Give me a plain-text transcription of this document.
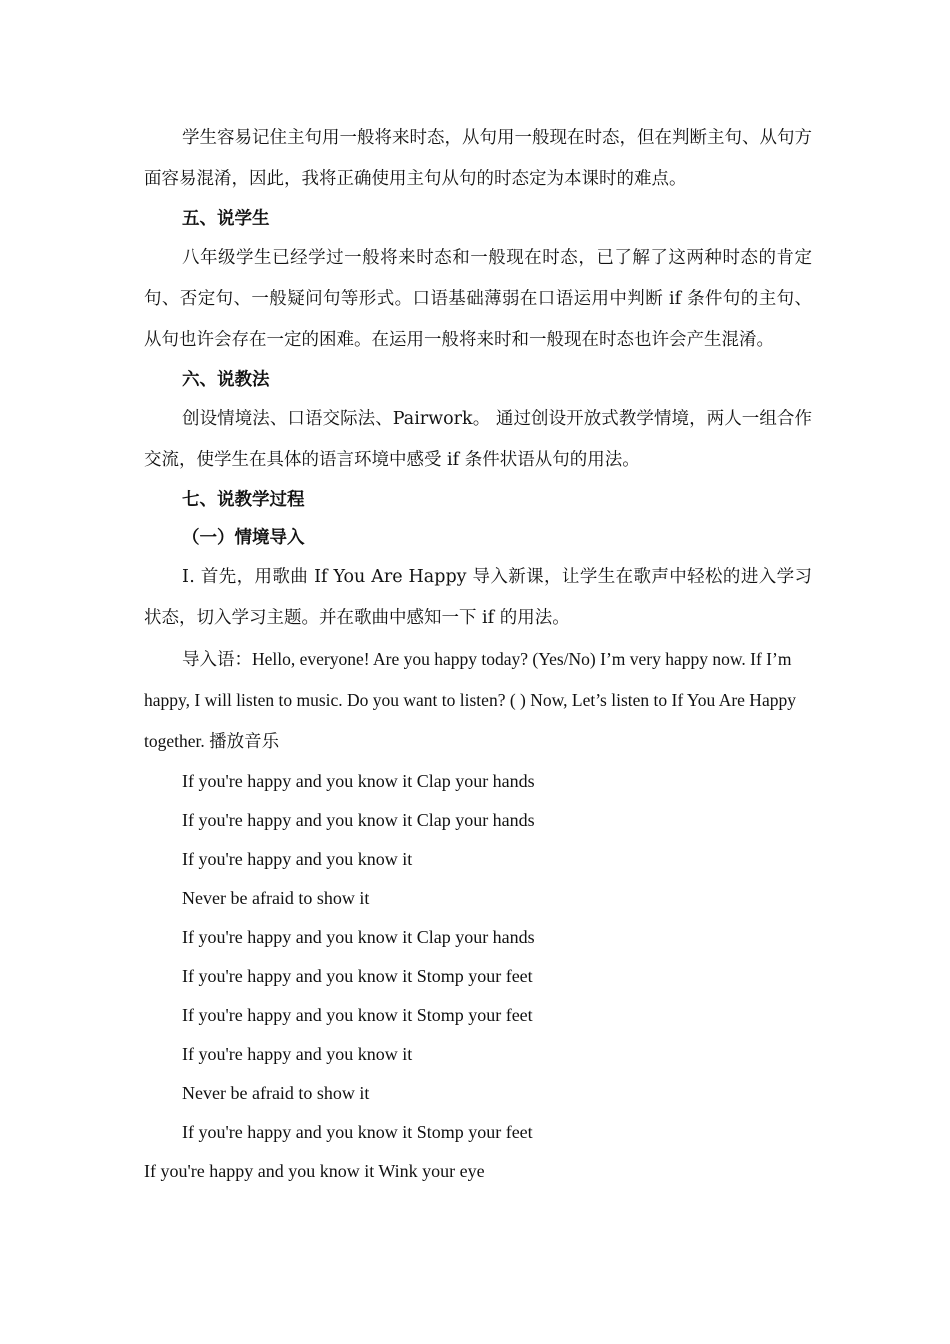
学生容易记住主句用一般将来时态，从句用一般现在时态，但在判断主句、从句方面容易混淆，因此，我将正确使用主句从句的时态定为本课时的难点。

五、说学生

八年级学生已经学过一般将来时态和一般现在时态，已了解了这两种时态的肯定句、否定句、一般疑问句等形式。口语基础薄弱在口语运用中判断 if 条件句的主句、从句也许会存在一定的困难。在运用一般将来时和一般现在时态也许会产生混淆。

六、说教法

创设情境法、口语交际法、Pairwork。 通过创设开放式教学情境，两人一组合作交流，使学生在具体的语言环境中感受 if 条件状语从句的用法。

七、说教学过程

（一）情境导入

Ⅰ. 首先，用歌曲 If You Are Happy 导入新课，让学生在歌声中轻松的进入学习状态，切入学习主题。并在歌曲中感知一下 if 的用法。

导入语：Hello, everyone! Are you happy today? (Yes/No) I’m very happy now. If I’m happy, I will listen to music. Do you want to listen? ( ) Now, Let’s listen to If You Are Happy together. 播放音乐

If you're happy and you know it Clap your hands

If you're happy and you know it Clap your hands

If you're happy and you know it

Never be afraid to show it

If you're happy and you know it Clap your hands

If you're happy and you know it Stomp your feet

If you're happy and you know it Stomp your feet

If you're happy and you know it

Never be afraid to show it

If you're happy and you know it Stomp your feet

If you're happy and you know it Wink your eye
